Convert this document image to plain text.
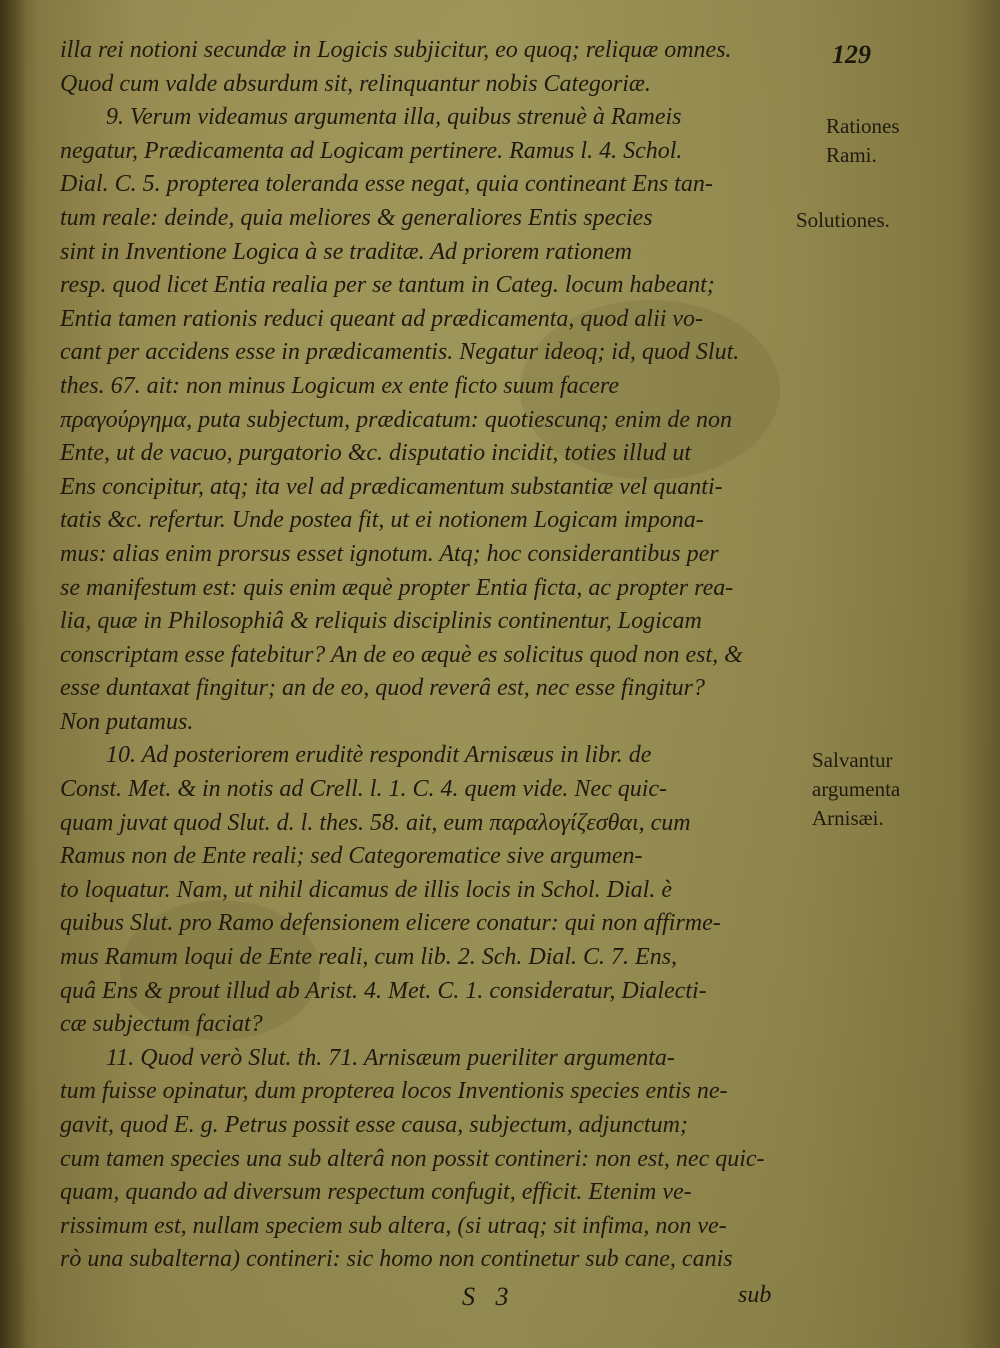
129
illa rei notioni secundæ in Logicis subjicitur, eo quoq; reliquæ omnes.
Quod cum valde absurdum sit, relinquantur nobis Categoriæ.
9. Verum videamus argumenta illa, quibus strenuè à Rameis
negatur, Prædicamenta ad Logicam pertinere. Ramus l. 4. Schol.
Dial. C. 5. propterea toleranda esse negat, quia contineant Ens tan-
tum reale: deinde, quia meliores & generaliores Entis species
sint in Inventione Logica à se traditæ. Ad priorem rationem
resp. quod licet Entia realia per se tantum in Categ. locum habeant;
Entia tamen rationis reduci queant ad prædicamenta, quod alii vo-
cant per accidens esse in prædicamentis. Negatur ideoq; id, quod Slut.
thes. 67. ait: non minus Logicum ex ente ficto suum facere
πραγούργημα, puta subjectum, prædicatum: quotiescunq; enim de non
Ente, ut de vacuo, purgatorio &c. disputatio incidit, toties illud ut
Ens concipitur, atq; ita vel ad prædicamentum substantiæ vel quanti-
tatis &c. refertur. Unde postea fit, ut ei notionem Logicam impona-
mus: alias enim prorsus esset ignotum. Atq; hoc considerantibus per
se manifestum est: quis enim æquè propter Entia ficta, ac propter rea-
lia, quæ in Philosophiâ & reliquis disciplinis continentur, Logicam
conscriptam esse fatebitur? An de eo æquè es solicitus quod non est, &
esse duntaxat fingitur; an de eo, quod reverâ est, nec esse fingitur?
Non putamus.
10. Ad posteriorem eruditè respondit Arnisæus in libr. de
Const. Met. & in notis ad Crell. l. 1. C. 4. quem vide. Nec quic-
quam juvat quod Slut. d. l. thes. 58. ait, eum παραλογίζεσθαι, cum
Ramus non de Ente reali; sed Categorematice sive argumen-
to loquatur. Nam, ut nihil dicamus de illis locis in Schol. Dial. è
quibus Slut. pro Ramo defensionem elicere conatur: qui non affirme-
mus Ramum loqui de Ente reali, cum lib. 2. Sch. Dial. C. 7. Ens,
quâ Ens & prout illud ab Arist. 4. Met. C. 1. consideratur, Dialecti-
cæ subjectum faciat?
11. Quod verò Slut. th. 71. Arnisæum pueriliter argumenta-
tum fuisse opinatur, dum propterea locos Inventionis species entis ne-
gavit, quod E. g. Petrus possit esse causa, subjectum, adjunctum;
cum tamen species una sub alterâ non possit contineri: non est, nec quic-
quam, quando ad diversum respectum confugit, efficit. Etenim ve-
rissimum est, nullam speciem sub altera, (si utraq; sit infima, non ve-
rò una subalterna) contineri: sic homo non continetur sub cane, canis
Rationes
Rami.
Solutiones.
Salvantur
argumenta
Arnisæi.
S 3	sub
